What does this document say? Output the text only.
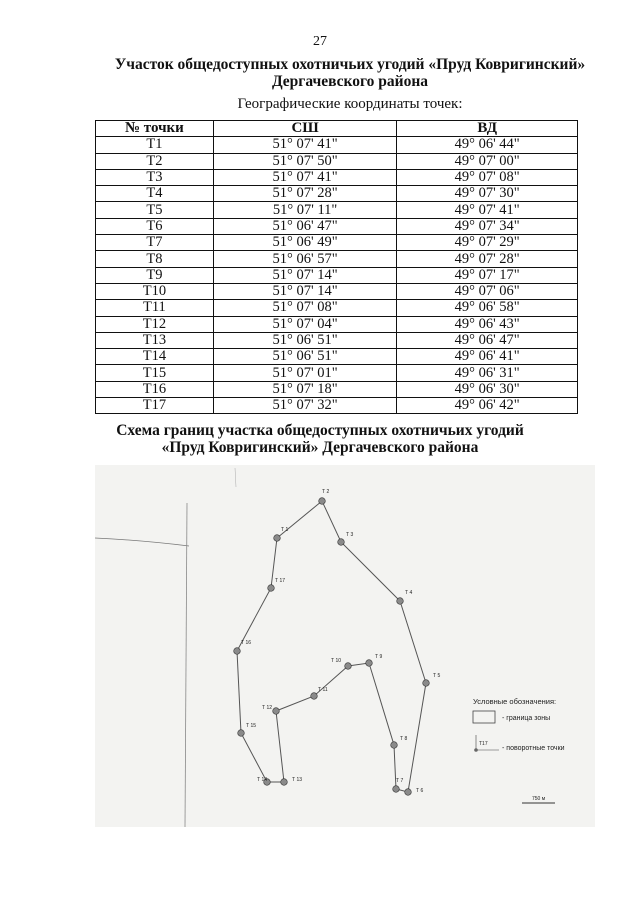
27
Участок общедоступных охотничьих угодий «Пруд Ковригинский»
Дергачевского района
Географические координаты точек:
№ точки	СШ	ВД
Т1	51° 07' 41"	49° 06' 44"
Т2	51° 07' 50"	49° 07' 00"
Т3	51° 07' 41"	49° 07' 08"
Т4	51° 07' 28"	49° 07' 30"
Т5	51° 07' 11"	49° 07' 41"
Т6	51° 06' 47"	49° 07' 34"
Т7	51° 06' 49"	49° 07' 29"
Т8	51° 06' 57"	49° 07' 28"
Т9	51° 07' 14"	49° 07' 17"
Т10	51° 07' 14"	49° 07' 06"
Т11	51° 07' 08"	49° 06' 58"
Т12	51° 07' 04"	49° 06' 43"
Т13	51° 06' 51"	49° 06' 47"
Т14	51° 06' 51"	49° 06' 41"
Т15	51° 07' 01"	49° 06' 31"
Т16	51° 07' 18"	49° 06' 30"
Т17	51° 07' 32"	49° 06' 42"
Схема границ участка общедоступных охотничьих угодий
«Пруд Ковригинский» Дергачевского района
Т 1
Т 2
Т 3
Т 4
Т 5
Т 6
Т 7
Т 8
Т 9
Т 10
Т 11
Т 12
Т 13
Т 14
Т 15
Т 16
Т 17
Условные обозначения:
- граница зоны
Т17
- поворотные точки
750 м
